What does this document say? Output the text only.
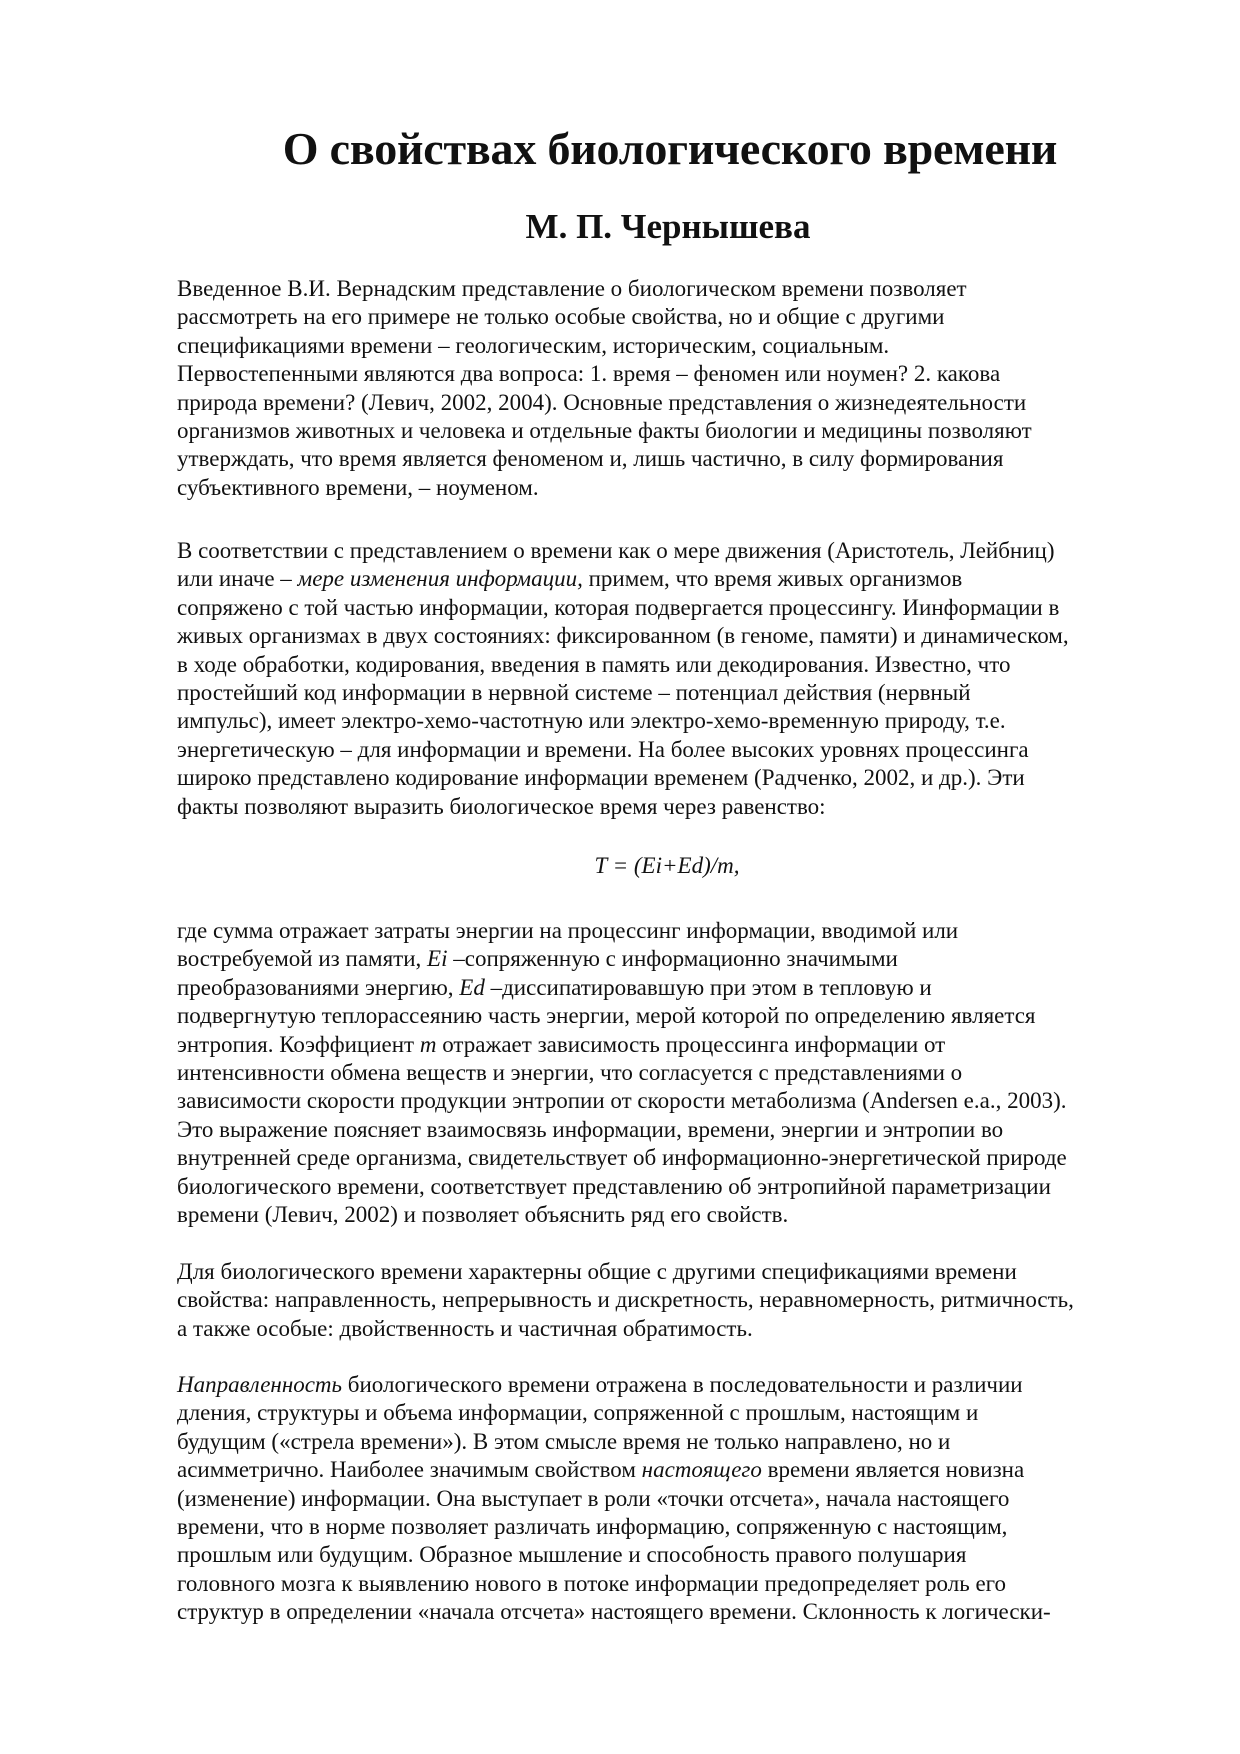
О свойствах биологического времени
М. П. Чернышева

Введенное В.И. Вернадским представление о биологическом времени позволяет
рассмотреть на его примере не только особые свойства, но и общие с другими
спецификациями времени – геологическим, историческим, социальным.
Первостепенными являются два вопроса: 1. время – феномен или ноумен? 2. какова
природа времени? (Левич, 2002, 2004). Основные представления о жизнедеятельности
организмов животных и человека и отдельные факты биологии и медицины позволяют
утверждать, что время является феноменом и, лишь частично, в силу формирования
субъективного времени, – ноуменом.

В соответствии с представлением о времени как о мере движения (Аристотель, Лейбниц)
или иначе – мере изменения информации, примем, что время живых организмов
сопряжено с той частью информации, которая подвергается процессингу. Иинформации в
живых организмах в двух состояниях: фиксированном (в геноме, памяти) и динамическом,
в ходе обработки, кодирования, введения в память или декодирования. Известно, что
простейший код информации в нервной системе – потенциал действия (нервный
импульс), имеет электро-хемо-частотную или электро-хемо-временную природу, т.е.
энергетическую – для информации и времени. На более высоких уровнях процессинга
широко представлено кодирование информации временем (Радченко, 2002, и др.). Эти
факты позволяют выразить биологическое время через равенство:

T = (Ei+Ed)/m,

где сумма отражает затраты энергии на процессинг информации, вводимой или
востребуемой из памяти, Ei –сопряженную с информационно значимыми
преобразованиями энергию, Ed –диссипатировавшую при этом в тепловую и
подвергнутую теплорассеянию часть энергии, мерой которой по определению является
энтропия. Коэффициент m отражает зависимость процессинга информации от
интенсивности обмена веществ и энергии, что согласуется с представлениями о
зависимости скорости продукции энтропии от скорости метаболизма (Andersen e.a., 2003).
Это выражение поясняет взаимосвязь информации, времени, энергии и энтропии во
внутренней среде организма, свидетельствует об информационно-энергетической природе
биологического времени, соответствует представлению об энтропийной параметризации
времени (Левич, 2002) и позволяет объяснить ряд его свойств.

Для биологического времени характерны общие с другими спецификациями времени
свойства: направленность, непрерывность и дискретность, неравномерность, ритмичность,
а также особые: двойственность и частичная обратимость.

Направленность биологического времени отражена в последовательности и различии
дления, структуры и объема информации, сопряженной с прошлым, настоящим и
будущим («стрела времени»). В этом смысле время не только направлено, но и
асимметрично. Наиболее значимым свойством настоящего времени является новизна
(изменение) информации. Она выступает в роли «точки отсчета», начала настоящего
времени, что в норме позволяет различать информацию, сопряженную с настоящим,
прошлым или будущим. Образное мышление и способность правого полушария
головного мозга к выявлению нового в потоке информации предопределяет роль его
структур в определении «начала отсчета» настоящего времени. Склонность к логически-
